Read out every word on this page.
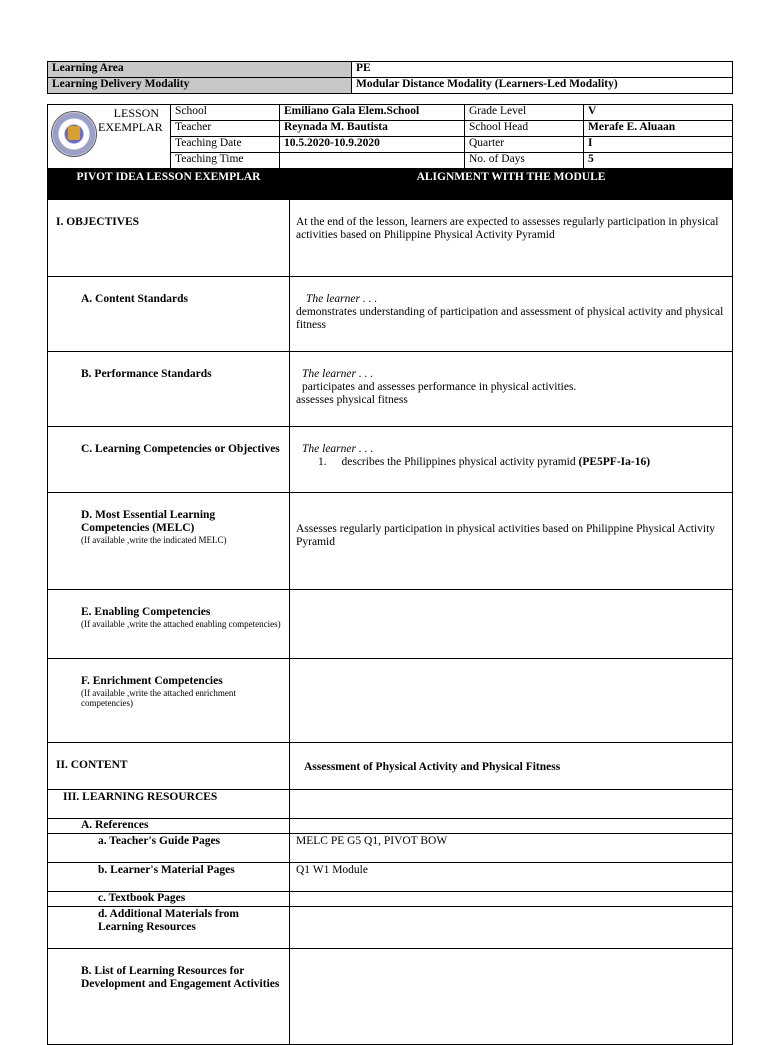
Learning Area	PE
Learning Delivery Modality	Modular Distance Modality (Learners-Led Modality)
LESSON
EXEMPLAR	School	Emiliano Gala Elem.School	Grade Level	V
	Teacher	Reynada M. Bautista	School Head	Merafe E. Aluaan
	Teaching Date	10.5.2020-10.9.2020	Quarter	I
	Teaching Time		No. of Days	5
PIVOT IDEA LESSON EXEMPLAR	ALIGNMENT WITH THE MODULE
I. OBJECTIVES	At the end of the lesson, learners are expected to assesses regularly participation in physical activities based on Philippine Physical Activity Pyramid
A. Content Standards	The learner . . .
demonstrates understanding of participation and assessment of physical activity and physical fitness

B. Performance Standards	The learner . . .
participates and assesses performance in physical activities.
assesses physical fitness

C. Learning Competencies or Objectives	The learner . . .
1. describes the Philippines physical activity pyramid (PE5PF-Ia-16)

D. Most Essential Learning Competencies (MELC)
(If available ,write the indicated MELC)	Assesses regularly participation in physical activities based on Philippine Physical Activity Pyramid

E. Enabling Competencies
(If available ,write the attached enabling competencies)	

F. Enrichment Competencies
(If available ,write the attached enrichment competencies)	

II. CONTENT	Assessment of Physical Activity and Physical Fitness
III. LEARNING RESOURCES	
A. References	
a. Teacher's Guide Pages	MELC PE G5 Q1, PIVOT BOW
b. Learner's Material Pages	Q1 W1 Module
c. Textbook Pages	
d. Additional Materials from Learning Resources	
B. List of Learning Resources for Development and Engagement Activities	
